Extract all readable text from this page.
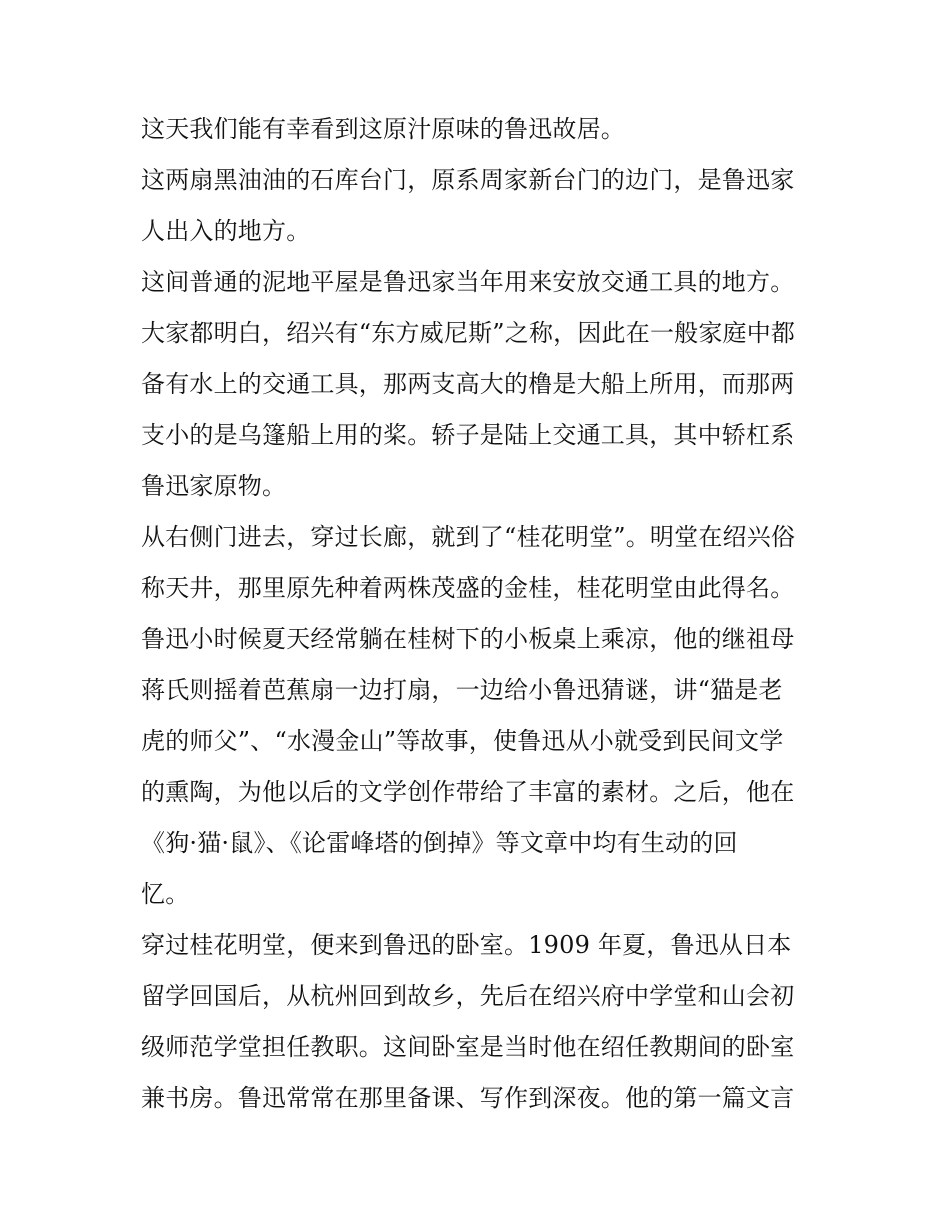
这天我们能有幸看到这原汁原味的鲁迅故居。
这两扇黑油油的石库台门，原系周家新台门的边门，是鲁迅家
人出入的地方。
这间普通的泥地平屋是鲁迅家当年用来安放交通工具的地方。
大家都明白，绍兴有“东方威尼斯”之称，因此在一般家庭中都
备有水上的交通工具，那两支高大的橹是大船上所用，而那两
支小的是乌篷船上用的桨。轿子是陆上交通工具，其中轿杠系
鲁迅家原物。
从右侧门进去，穿过长廊，就到了“桂花明堂”。明堂在绍兴俗
称天井，那里原先种着两株茂盛的金桂，桂花明堂由此得名。
鲁迅小时候夏天经常躺在桂树下的小板桌上乘凉，他的继祖母
蒋氏则摇着芭蕉扇一边打扇，一边给小鲁迅猜谜，讲“猫是老
虎的师父”、“水漫金山”等故事，使鲁迅从小就受到民间文学
的熏陶，为他以后的文学创作带给了丰富的素材。之后，他在
《狗·猫·鼠》、《论雷峰塔的倒掉》等文章中均有生动的回
忆。
穿过桂花明堂，便来到鲁迅的卧室。1909 年夏，鲁迅从日本
留学回国后，从杭州回到故乡，先后在绍兴府中学堂和山会初
级师范学堂担任教职。这间卧室是当时他在绍任教期间的卧室
兼书房。鲁迅常常在那里备课、写作到深夜。他的第一篇文言
